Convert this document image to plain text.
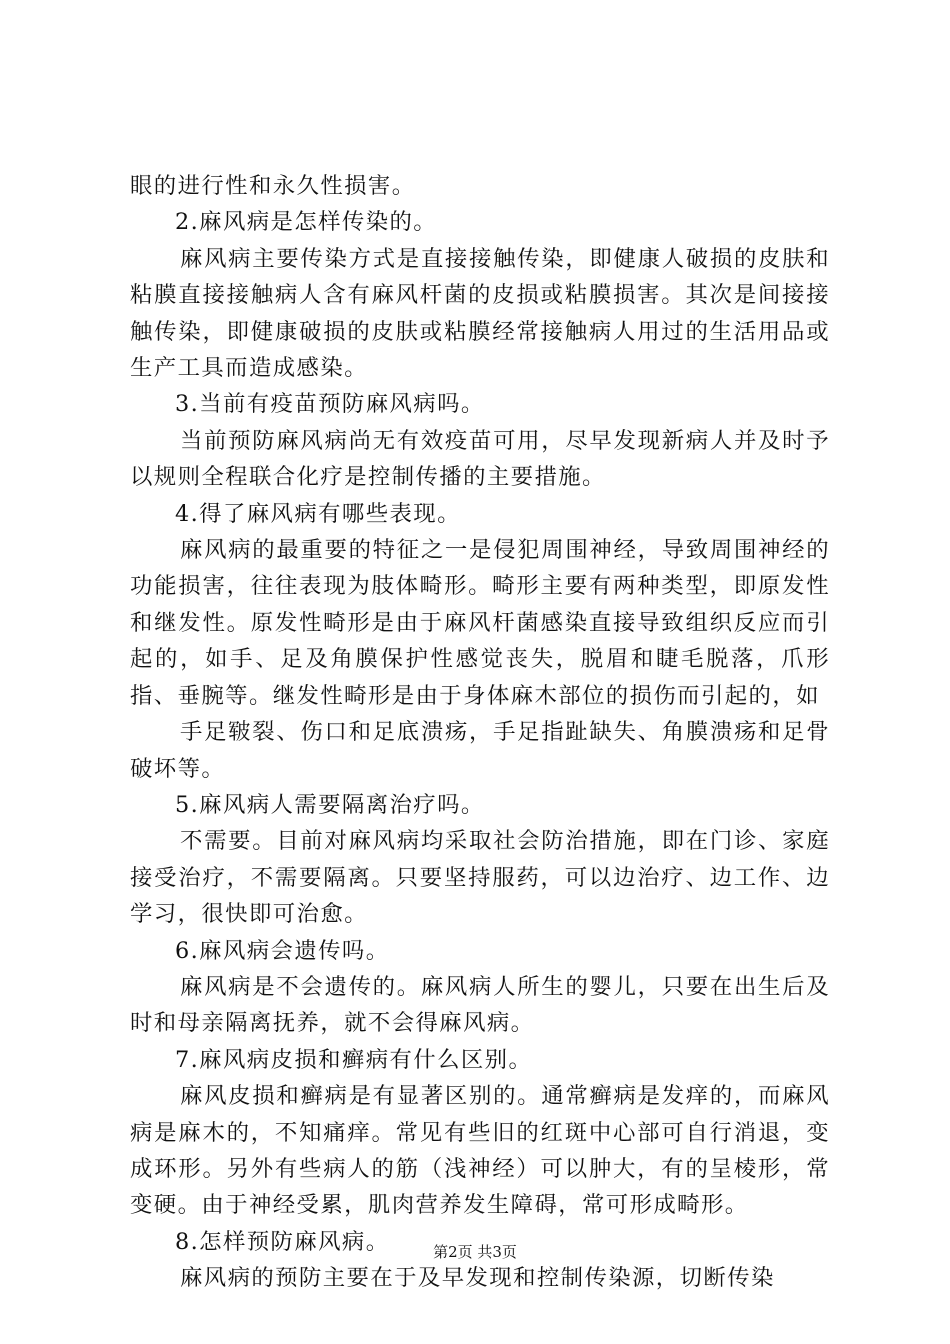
眼的进行性和永久性损害。

2.麻风病是怎样传染的。

麻风病主要传染方式是直接接触传染，即健康人破损的皮肤和粘膜直接接触病人含有麻风杆菌的皮损或粘膜损害。其次是间接接触传染，即健康破损的皮肤或粘膜经常接触病人用过的生活用品或生产工具而造成感染。

3.当前有疫苗预防麻风病吗。

当前预防麻风病尚无有效疫苗可用，尽早发现新病人并及时予以规则全程联合化疗是控制传播的主要措施。

4.得了麻风病有哪些表现。

麻风病的最重要的特征之一是侵犯周围神经，导致周围神经的功能损害，往往表现为肢体畸形。畸形主要有两种类型，即原发性和继发性。原发性畸形是由于麻风杆菌感染直接导致组织反应而引起的，如手、足及角膜保护性感觉丧失，脱眉和睫毛脱落，爪形指、垂腕等。继发性畸形是由于身体麻木部位的损伤而引起的，如

手足皲裂、伤口和足底溃疡，手足指趾缺失、角膜溃疡和足骨破坏等。

5.麻风病人需要隔离治疗吗。

不需要。目前对麻风病均采取社会防治措施，即在门诊、家庭接受治疗，不需要隔离。只要坚持服药，可以边治疗、边工作、边学习，很快即可治愈。

6.麻风病会遗传吗。

麻风病是不会遗传的。麻风病人所生的婴儿，只要在出生后及时和母亲隔离抚养，就不会得麻风病。

7.麻风病皮损和癣病有什么区别。

麻风皮损和癣病是有显著区别的。通常癣病是发痒的，而麻风病是麻木的，不知痛痒。常见有些旧的红斑中心部可自行消退，变成环形。另外有些病人的筋（浅神经）可以肿大，有的呈棱形，常变硬。由于神经受累，肌肉营养发生障碍，常可形成畸形。

8.怎样预防麻风病。

麻风病的预防主要在于及早发现和控制传染源，切断传染

第2页 共3页
